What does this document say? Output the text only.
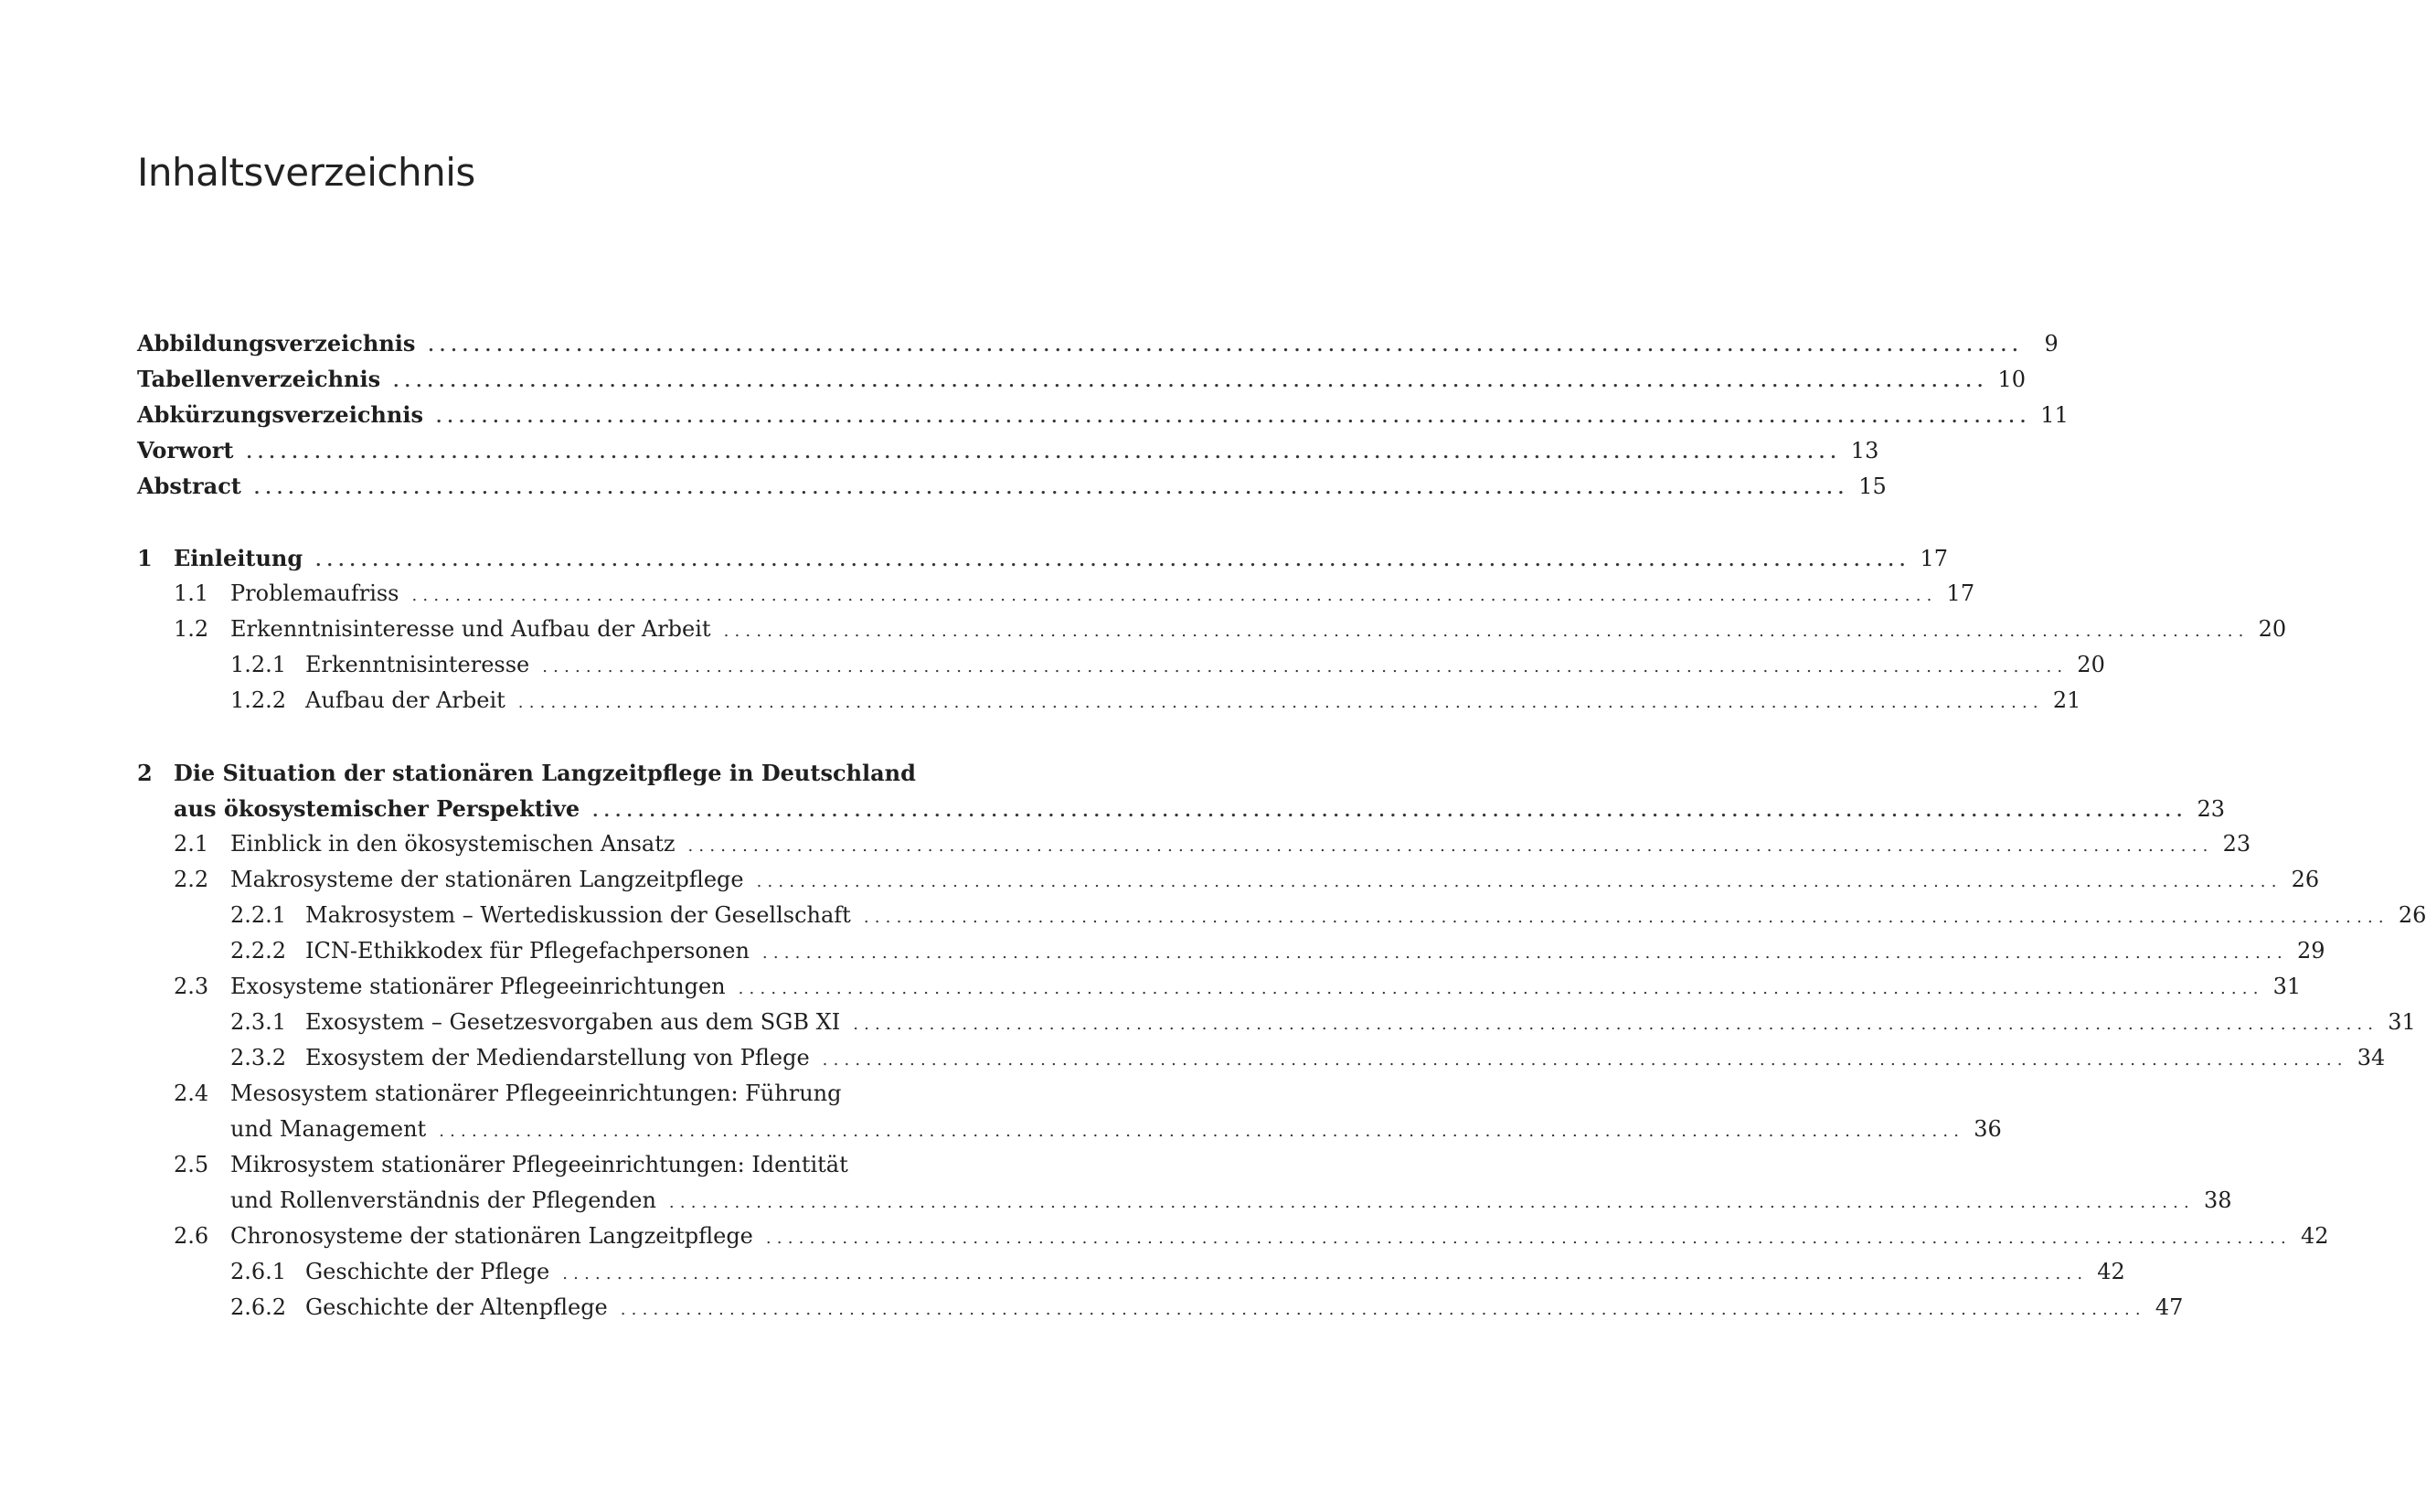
Inhaltsverzeichnis
Abbildungsverzeichnis ............................................................................................................................................ 9
Tabellenverzeichnis ............................................................................................................................................ 10
Abkürzungsverzeichnis ............................................................................................................................................ 11
Vorwort ............................................................................................................................................ 13
Abstract ............................................................................................................................................ 15
1 Einleitung ............................................................................................................................................ 17
1.1 Problemaufriss ............................................................................................................................................ 17
1.2 Erkenntnisinteresse und Aufbau der Arbeit ............................................................................................................................................ 20
1.2.1 Erkenntnisinteresse ............................................................................................................................................ 20
1.2.2 Aufbau der Arbeit ............................................................................................................................................ 21
2 Die Situation der stationären Langzeitpflege in Deutschland
aus ökosystemischer Perspektive ............................................................................................................................................ 23
2.1 Einblick in den ökosystemischen Ansatz ............................................................................................................................................ 23
2.2 Makrosysteme der stationären Langzeitpflege ............................................................................................................................................ 26
2.2.1 Makrosystem – Wertediskussion der Gesellschaft ............................................................................................................................................ 26
2.2.2 ICN-Ethikkodex für Pflegefachpersonen ............................................................................................................................................ 29
2.3 Exosysteme stationärer Pflegeeinrichtungen ............................................................................................................................................ 31
2.3.1 Exosystem – Gesetzesvorgaben aus dem SGB XI ............................................................................................................................................ 31
2.3.2 Exosystem der Mediendarstellung von Pflege ............................................................................................................................................ 34
2.4 Mesosystem stationärer Pflegeeinrichtungen: Führung
und Management ............................................................................................................................................ 36
2.5 Mikrosystem stationärer Pflegeeinrichtungen: Identität
und Rollenverständnis der Pflegenden ............................................................................................................................................ 38
2.6 Chronosysteme der stationären Langzeitpflege ............................................................................................................................................ 42
2.6.1 Geschichte der Pflege ............................................................................................................................................ 42
2.6.2 Geschichte der Altenpflege ............................................................................................................................................ 47
